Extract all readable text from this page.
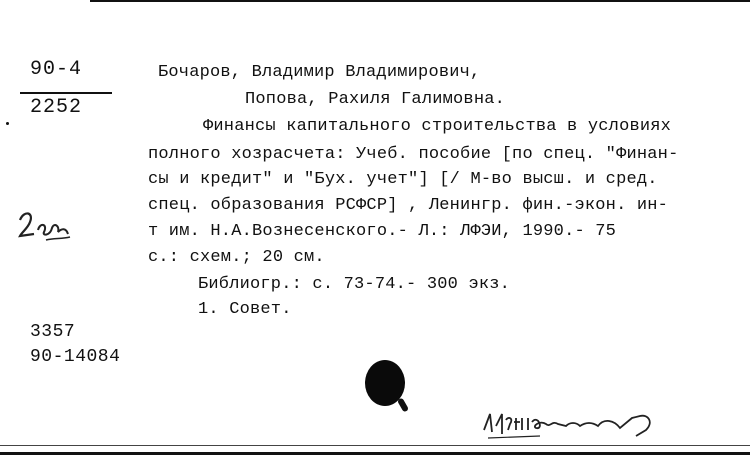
90-4
2252
Бочаров, Владимир Владимирович,
Попова, Рахиля Галимовна.
Финансы капитального строительства в условиях
полного хозрасчета: Учеб. пособие [по спец. "Финан-
сы и кредит" и "Бух. учет"] [/ М-во высш. и сред.
спец. образования РСФСР] , Ленингр. фин.-экон. ин-
т им. Н.А.Вознесенского.- Л.: ЛФЭИ, 1990.- 75
с.: схем.; 20 см.
Библиогр.: с. 73-74.- 300 экз.
1. Совет.
2 экз
3357
90-14084
14.VIII.90 ...
